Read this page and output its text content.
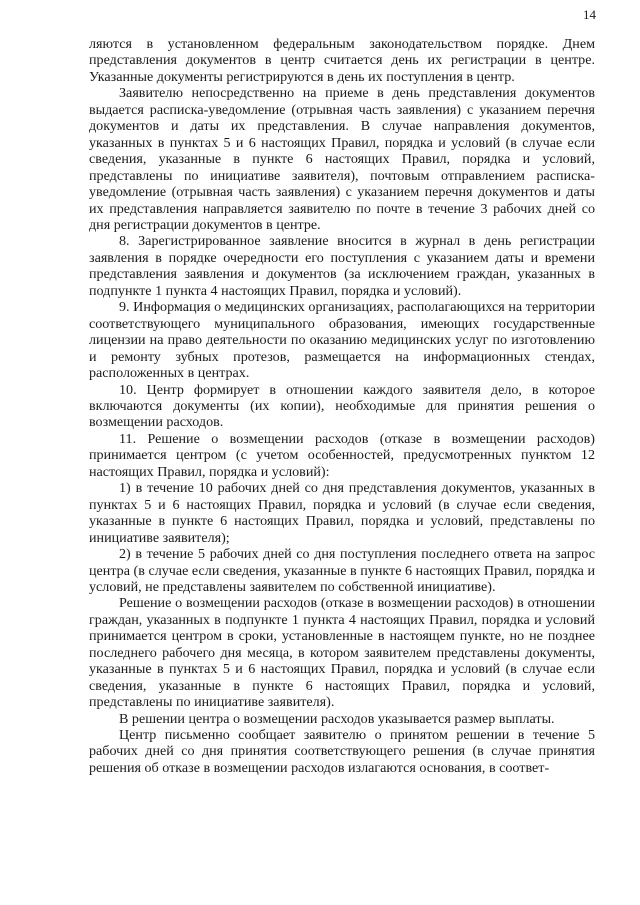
14

ляются в установленном федеральным законодательством порядке. Днем представления документов в центр считается день их регистрации в центре. Указанные документы регистрируются в день их поступления в центр.

Заявителю непосредственно на приеме в день представления документов выдается расписка-уведомление (отрывная часть заявления) с указанием перечня документов и даты их представления. В случае направления документов, указанных в пунктах 5 и 6 настоящих Правил, порядка и условий (в случае если сведения, указанные в пункте 6 настоящих Правил, порядка и условий, представлены по инициативе заявителя), почтовым отправлением расписка-уведомление (отрывная часть заявления) с указанием перечня документов и даты их представления направляется заявителю по почте в течение 3 рабочих дней со дня регистрации документов в центре.

8. Зарегистрированное заявление вносится в журнал в день регистрации заявления в порядке очередности его поступления с указанием даты и времени представления заявления и документов (за исключением граждан, указанных в подпункте 1 пункта 4 настоящих Правил, порядка и условий).

9. Информация о медицинских организациях, располагающихся на территории соответствующего муниципального образования, имеющих государственные лицензии на право деятельности по оказанию медицинских услуг по изготовлению и ремонту зубных протезов, размещается на информационных стендах, расположенных в центрах.

10. Центр формирует в отношении каждого заявителя дело, в которое включаются документы (их копии), необходимые для принятия решения о возмещении расходов.

11. Решение о возмещении расходов (отказе в возмещении расходов) принимается центром (с учетом особенностей, предусмотренных пунктом 12 настоящих Правил, порядка и условий):

1) в течение 10 рабочих дней со дня представления документов, указанных в пунктах 5 и 6 настоящих Правил, порядка и условий (в случае если сведения, указанные в пункте 6 настоящих Правил, порядка и условий, представлены по инициативе заявителя);

2) в течение 5 рабочих дней со дня поступления последнего ответа на запрос центра (в случае если сведения, указанные в пункте 6 настоящих Правил, порядка и условий, не представлены заявителем по собственной инициативе).

Решение о возмещении расходов (отказе в возмещении расходов) в отношении граждан, указанных в подпункте 1 пункта 4 настоящих Правил, порядка и условий принимается центром в сроки, установленные в настоящем пункте, но не позднее последнего рабочего дня месяца, в котором заявителем представлены документы, указанные в пунктах 5 и 6 настоящих Правил, порядка и условий (в случае если сведения, указанные в пункте 6 настоящих Правил, порядка и условий, представлены по инициативе заявителя).

В решении центра о возмещении расходов указывается размер выплаты.

Центр письменно сообщает заявителю о принятом решении в течение 5 рабочих дней со дня принятия соответствующего решения (в случае принятия решения об отказе в возмещении расходов излагаются основания, в соответ-
